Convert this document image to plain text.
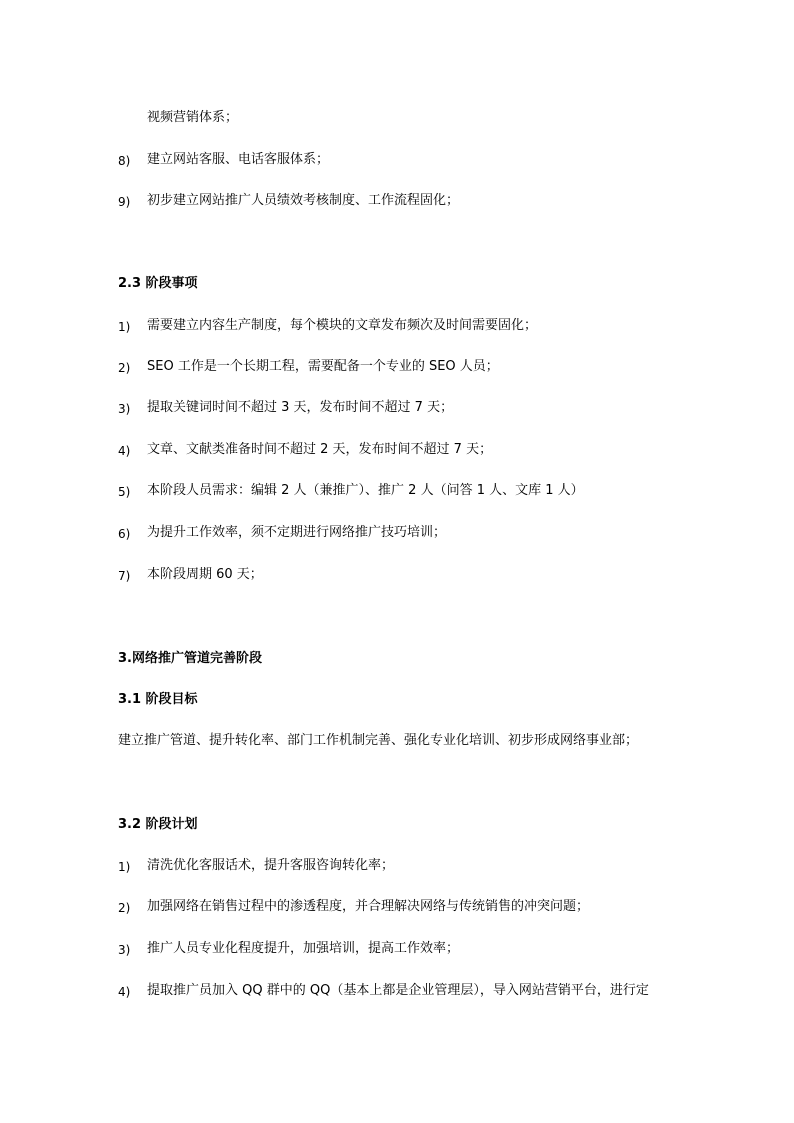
视频营销体系；
8) 建立网站客服、电话客服体系；
9) 初步建立网站推广人员绩效考核制度、工作流程固化；
2.3 阶段事项
1) 需要建立内容生产制度，每个模块的文章发布频次及时间需要固化；
2) SEO 工作是一个长期工程，需要配备一个专业的 SEO 人员；
3) 提取关键词时间不超过 3 天，发布时间不超过 7 天；
4) 文章、文献类准备时间不超过 2 天，发布时间不超过 7 天；
5) 本阶段人员需求：编辑 2 人（兼推广）、推广 2 人（问答 1 人、文库 1 人）
6) 为提升工作效率，须不定期进行网络推广技巧培训；
7) 本阶段周期 60 天；
3.网络推广管道完善阶段
3.1 阶段目标
建立推广管道、提升转化率、部门工作机制完善、强化专业化培训、初步形成网络事业部；
3.2 阶段计划
1) 清洗优化客服话术，提升客服咨询转化率；
2) 加强网络在销售过程中的渗透程度，并合理解决网络与传统销售的冲突问题；
3) 推广人员专业化程度提升，加强培训，提高工作效率；
4) 提取推广员加入 QQ 群中的 QQ（基本上都是企业管理层），导入网站营销平台，进行定
